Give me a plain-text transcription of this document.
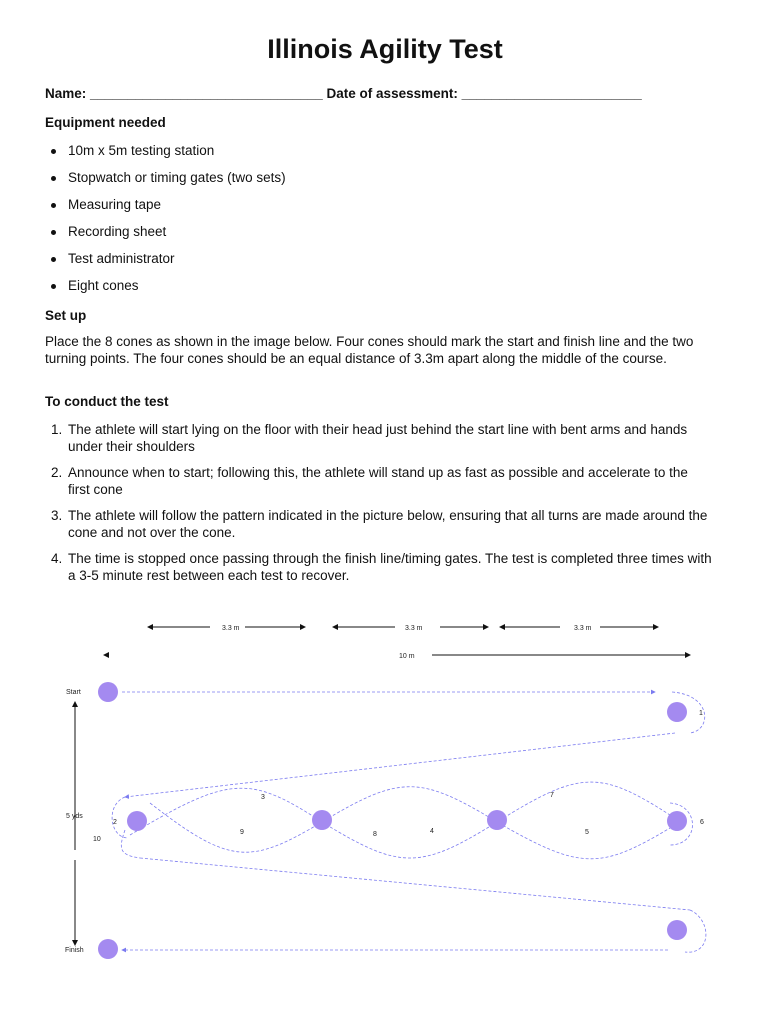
Illinois Agility Test
Name: _______________________________ Date of assessment: ________________________

Equipment needed

10m x 5m testing station
Stopwatch or timing gates (two sets)
Measuring tape
Recording sheet
Test administrator
Eight cones

Set up

Place the 8 cones as shown in the image below. Four cones should mark the start and finish line and the two turning points. The four cones should be an equal distance of 3.3m apart along the middle of the course.

To conduct the test

1. The athlete will start lying on the floor with their head just behind the start line with bent arms and hands under their shoulders
2. Announce when to start; following this, the athlete will stand up as fast as possible and accelerate to the first cone
3. The athlete will follow the pattern indicated in the picture below, ensuring that all turns are made around the cone and not over the cone.
4. The time is stopped once passing through the finish line/timing gates. The test is completed three times with a 3-5 minute rest between each test to recover.
3.3 m	3.3 m	3.3 m
10 m
Start
5 yds
Finish
1
2
3
4	5
6
7
8
9
10
